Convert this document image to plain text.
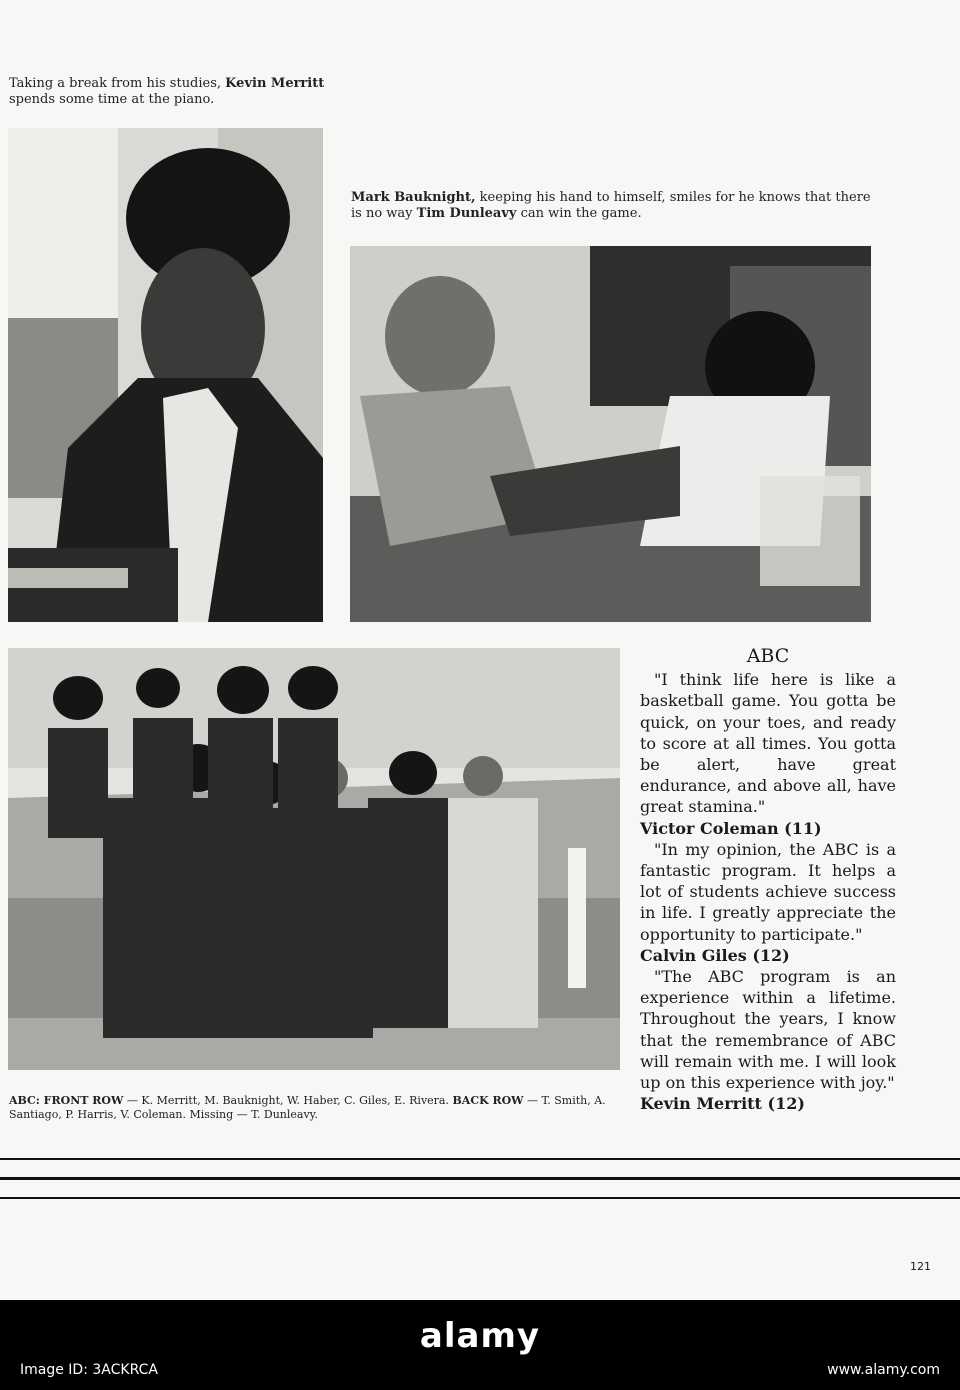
Taking a break from his studies, Kevin Merritt spends some time at the piano.
Mark Bauknight, keeping his hand to himself, smiles for he knows that there is no way Tim Dunleavy can win the game.
ABC: FRONT ROW — K. Merritt, M. Bauknight, W. Haber, C. Giles, E. Rivera. BACK ROW — T. Smith, A. Santiago, P. Harris, V. Coleman. Missing — T. Dunleavy.
ABC

"I think life here is like a basketball game. You gotta be quick, on your toes, and ready to score at all times. You gotta be alert, have great endurance, and above all, have great stamina."
Victor Coleman (11)

"In my opinion, the ABC is a fantastic program. It helps a lot of students achieve success in life. I greatly appreciate the opportunity to participate."
Calvin Giles (12)

"The ABC program is an experience within a lifetime. Throughout the years, I know that the remembrance of ABC will remain with me. I will look up on this experience with joy."
Kevin Merritt (12)

121
alamy
Image ID: 3ACKRCA	www.alamy.com
